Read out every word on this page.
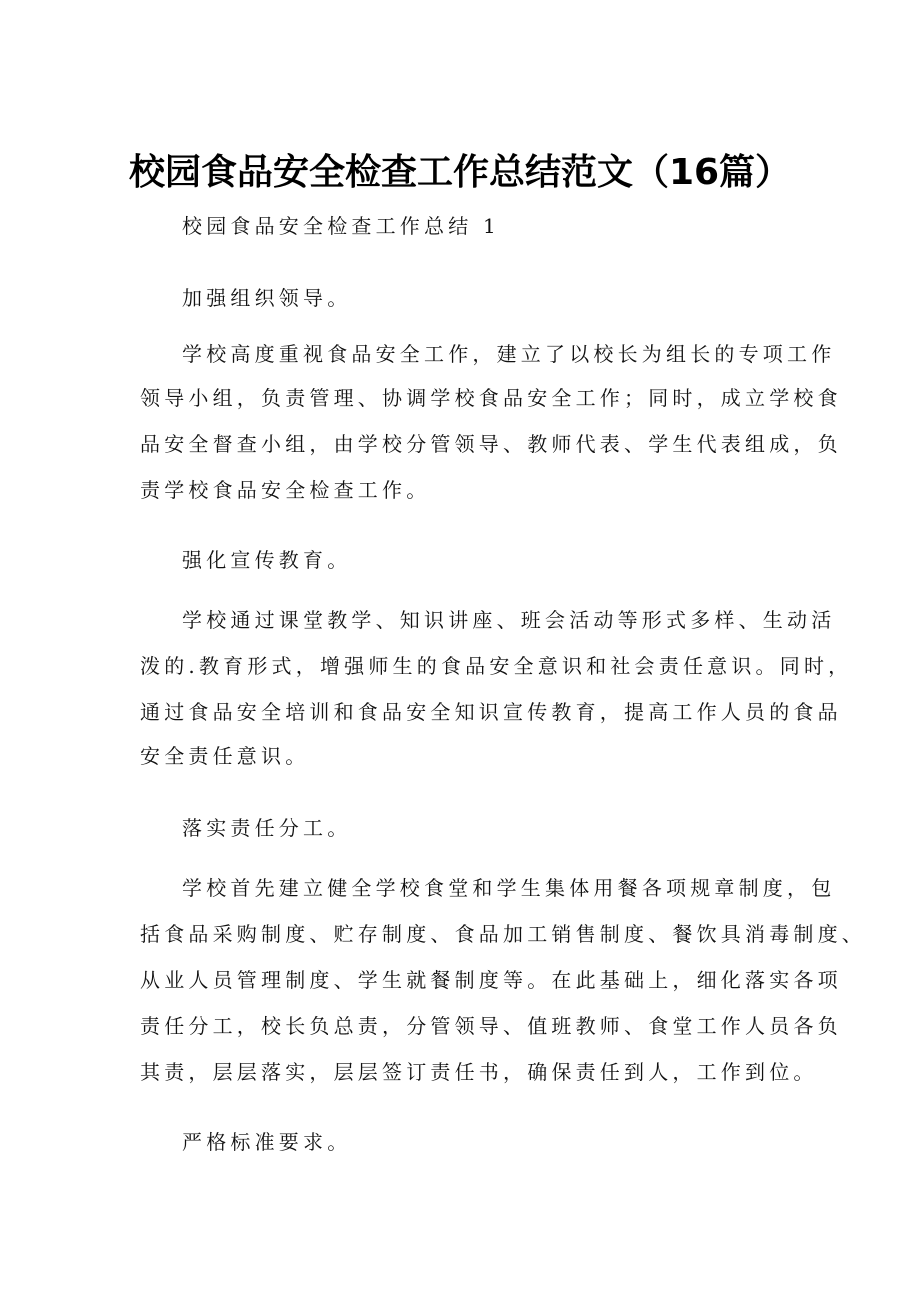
校园食品安全检查工作总结范文（16篇）
校园食品安全检查工作总结 1
加强组织领导。
学校高度重视食品安全工作，建立了以校长为组长的专项工作
领导小组，负责管理、协调学校食品安全工作；同时，成立学校食
品安全督查小组，由学校分管领导、教师代表、学生代表组成，负
责学校食品安全检查工作。
强化宣传教育。
学校通过课堂教学、知识讲座、班会活动等形式多样、生动活
泼的.教育形式，增强师生的食品安全意识和社会责任意识。同时，
通过食品安全培训和食品安全知识宣传教育，提高工作人员的食品
安全责任意识。
落实责任分工。
学校首先建立健全学校食堂和学生集体用餐各项规章制度，包
括食品采购制度、贮存制度、食品加工销售制度、餐饮具消毒制度、
从业人员管理制度、学生就餐制度等。在此基础上，细化落实各项
责任分工，校长负总责，分管领导、值班教师、食堂工作人员各负
其责，层层落实，层层签订责任书，确保责任到人，工作到位。
严格标准要求。
